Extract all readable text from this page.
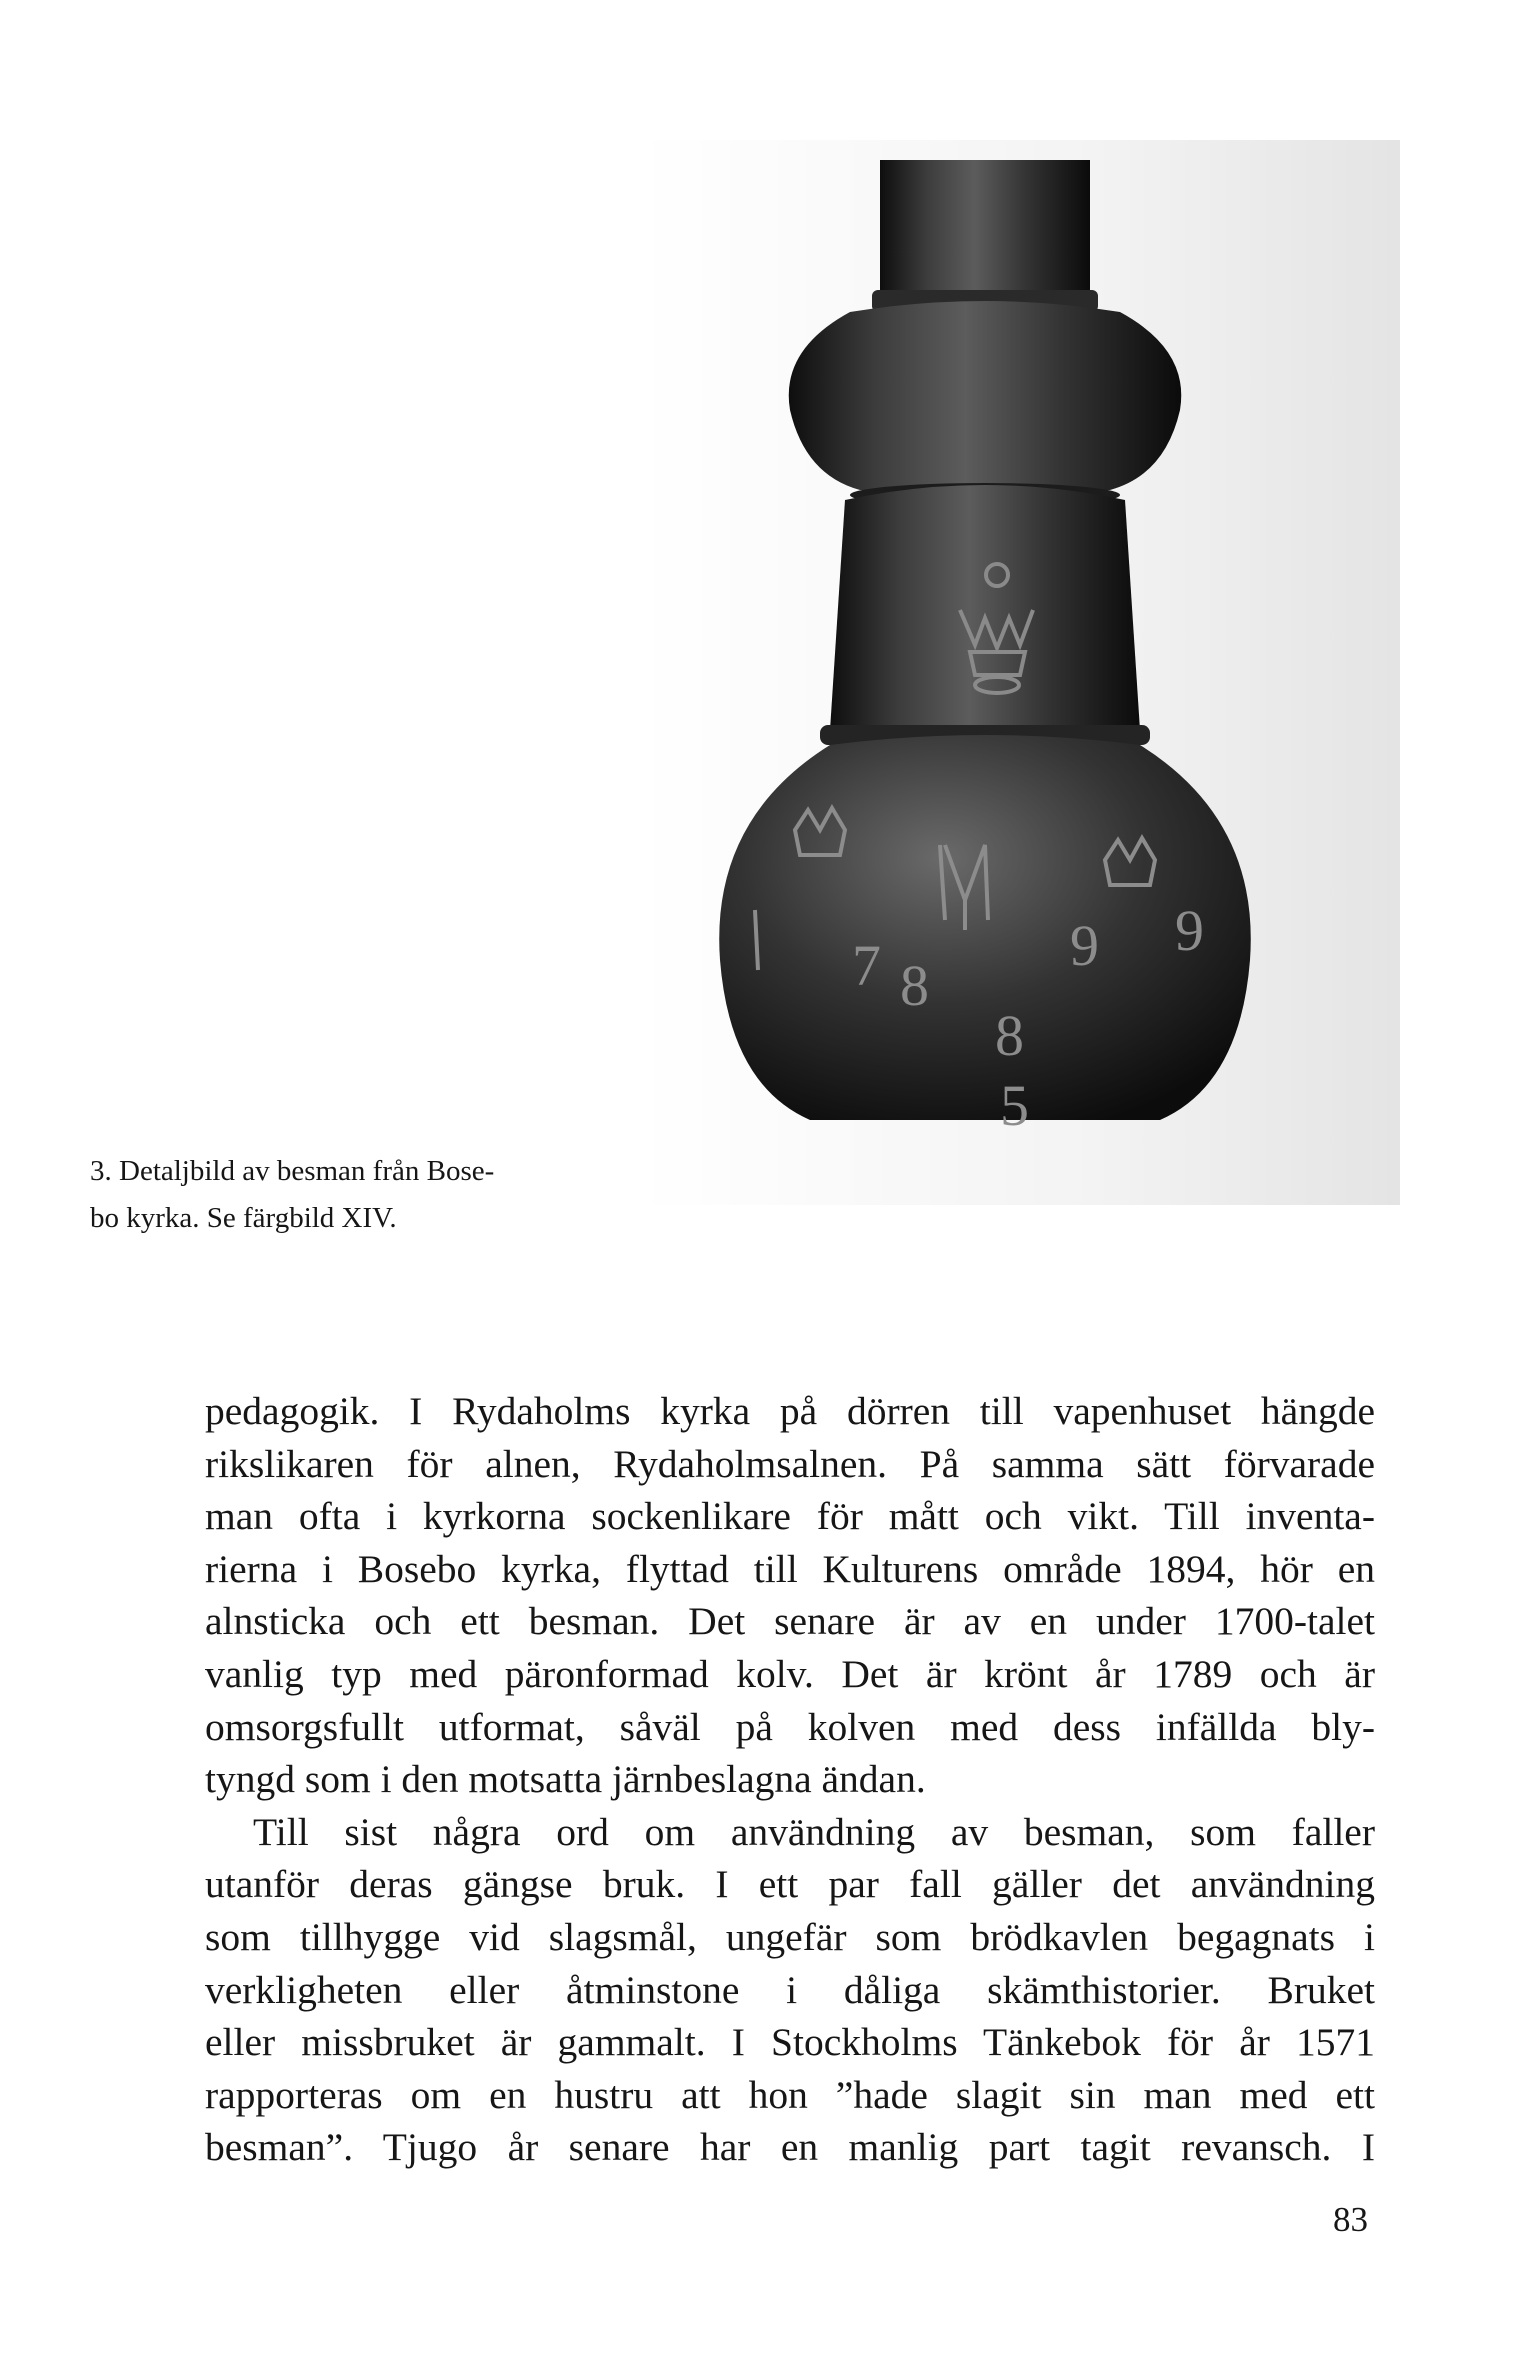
7 8
9 9
8
5
3. Detaljbild av besman från Bose-
bo kyrka. Se färgbild XIV.
pedagogik. I Rydaholms kyrka på dörren till vapenhuset hängde
rikslikaren för alnen, Rydaholmsalnen. På samma sätt förvarade
man ofta i kyrkorna sockenlikare för mått och vikt. Till inventa-
rierna i Bosebo kyrka, flyttad till Kulturens område 1894, hör en
alnsticka och ett besman. Det senare är av en under 1700-talet
vanlig typ med päronformad kolv. Det är krönt år 1789 och är
omsorgsfullt utformat, såväl på kolven med dess infällda bly-
tyngd som i den motsatta järnbeslagna ändan.
Till sist några ord om användning av besman, som faller
utanför deras gängse bruk. I ett par fall gäller det användning
som tillhygge vid slagsmål, ungefär som brödkavlen begagnats i
verkligheten eller åtminstone i dåliga skämthistorier. Bruket
eller missbruket är gammalt. I Stockholms Tänkebok för år 1571
rapporteras om en hustru att hon ”hade slagit sin man med ett
besman”. Tjugo år senare har en manlig part tagit revansch. I

83
